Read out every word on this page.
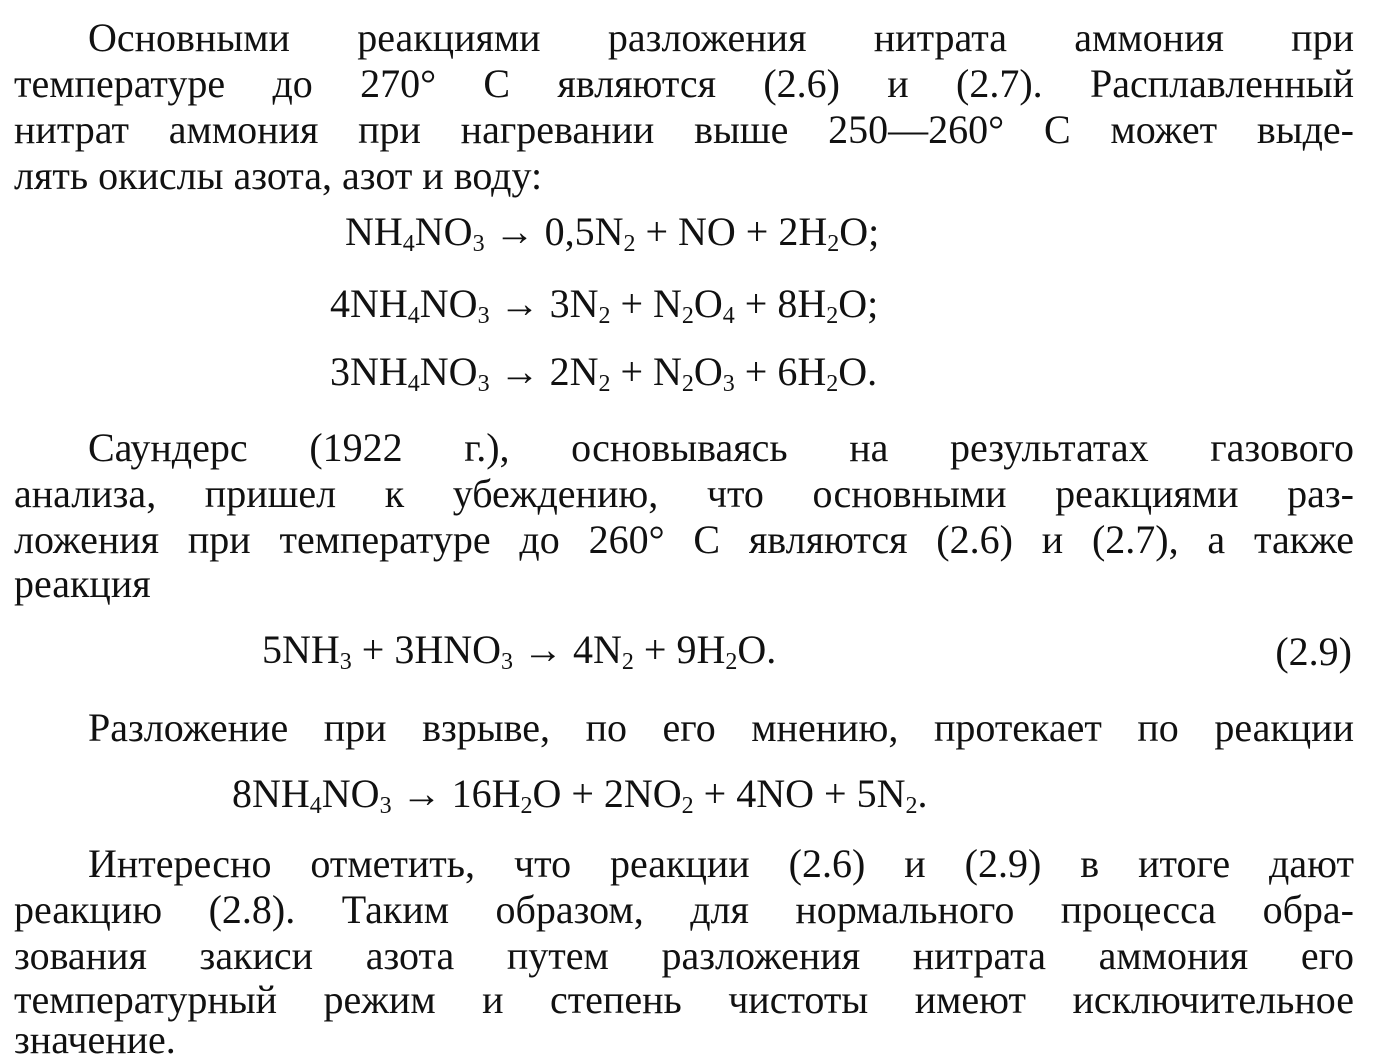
Основными реакциями разложения нитрата аммония при
температуре до 270° С являются (2.6) и (2.7). Расплавленный
нитрат аммония при нагревании выше 250—260° С может выде-
лять окислы азота, азот и воду:
$NH_4NO_3 \to 0,5N_2$ + NO + $2H_2O$;
$4NH_4NO_3 \to 3N_2 + N_2O_4 + 8H_2O$;
$3NH_4NO_3 \to 2N_2 + N_2O_3 + 6H_2O$.
Саундерс (1922 г.), основываясь на результатах газового
анализа, пришел к убеждению, что основными реакциями раз-
ложения при температуре до 260° С являются (2.6) и (2.7), а также
реакция
$5NH_3 + 3HNO_3 \to 4N_2 + 9H_2O$.	(2.9)
Разложение при взрыве, по его мнению, протекает по реакции
$8NH_4NO_3 \to 16H_2O + 2NO_2 + 4NO + 5N_2$.
Интересно отметить, что реакции (2.6) и (2.9) в итоге дают
реакцию (2.8). Таким образом, для нормального процесса обра-
зования закиси азота путем разложения нитрата аммония его
температурный режим и степень чистоты имеют исключительное
значение.
